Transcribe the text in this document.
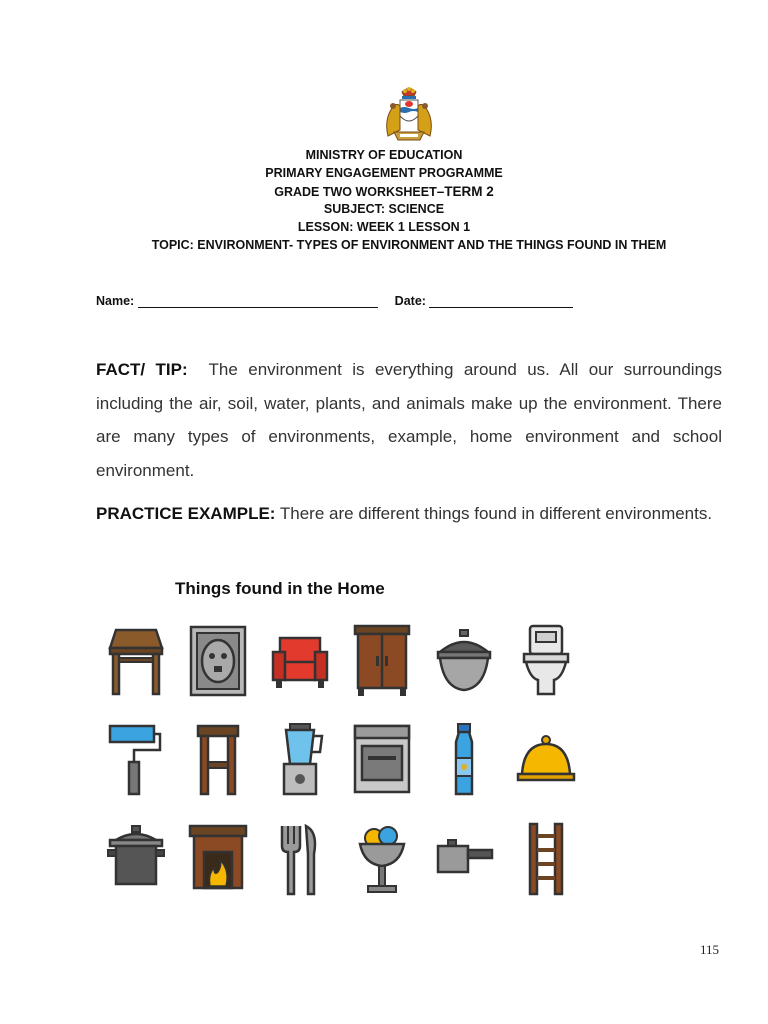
MINISTRY OF EDUCATION
PRIMARY ENGAGEMENT PROGRAMME
GRADE TWO WORKSHEET–TERM 2
SUBJECT: SCIENCE
LESSON: WEEK 1 LESSON 1
TOPIC: ENVIRONMENT- TYPES OF ENVIRONMENT AND THE THINGS FOUND IN THEM
Name:	Date:
FACT/ TIP: The environment is everything around us. All our surroundings including the air, soil, water, plants, and animals make up the environment. There are many types of environments, example, home environment and school environment.
PRACTICE EXAMPLE: There are different things found in different environments.
Things found in the Home
115
